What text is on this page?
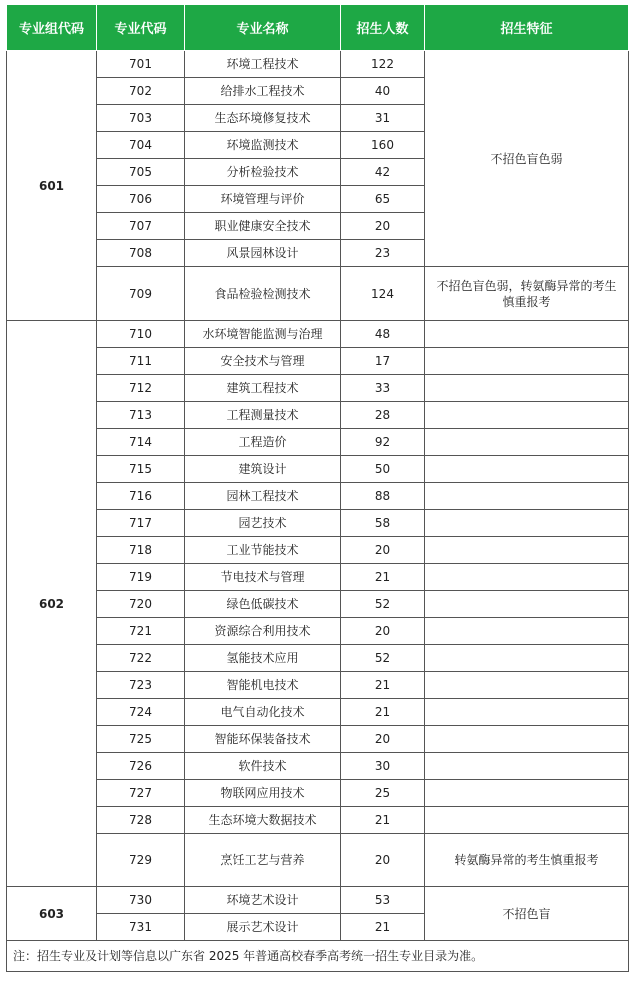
专业组代码	专业代码	专业名称	招生人数	招生特征
601	701	环境工程技术	122	不招色盲色弱
	702	给排水工程技术	40	
	703	生态环境修复技术	31	
	704	环境监测技术	160	
	705	分析检验技术	42	
	706	环境管理与评价	65	
	707	职业健康安全技术	20	
	708	风景园林设计	23	
	709	食品检验检测技术	124	不招色盲色弱，转氨酶异常的考生慎重报考
602	710	水环境智能监测与治理	48	
	711	安全技术与管理	17	
	712	建筑工程技术	33	
	713	工程测量技术	28	
	714	工程造价	92	
	715	建筑设计	50	
	716	园林工程技术	88	
	717	园艺技术	58	
	718	工业节能技术	20	
	719	节电技术与管理	21	
	720	绿色低碳技术	52	
	721	资源综合利用技术	20	
	722	氢能技术应用	52	
	723	智能机电技术	21	
	724	电气自动化技术	21	
	725	智能环保装备技术	20	
	726	软件技术	30	
	727	物联网应用技术	25	
	728	生态环境大数据技术	21	
	729	烹饪工艺与营养	20	转氨酶异常的考生慎重报考
603	730	环境艺术设计	53	不招色盲
	731	展示艺术设计	21	
注：招生专业及计划等信息以广东省 2025 年普通高校春季高考统一招生专业目录为准。				
